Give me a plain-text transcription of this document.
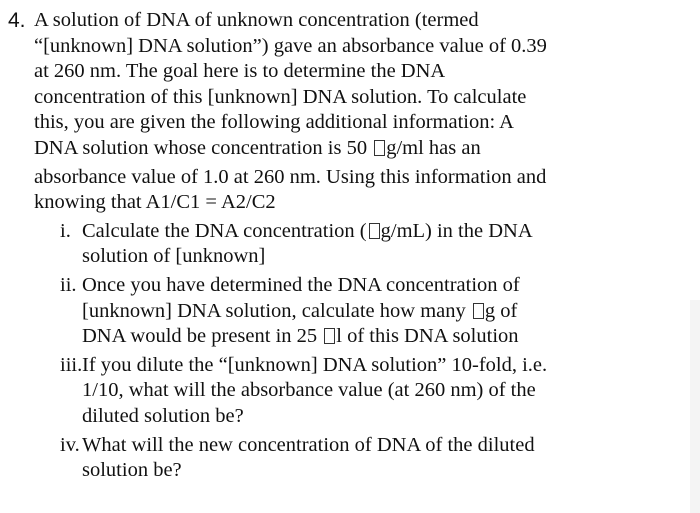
4. A solution of DNA of unknown concentration (termed
“[unknown] DNA solution”) gave an absorbance value of 0.39
at 260 nm. The goal here is to determine the DNA
concentration of this [unknown] DNA solution. To calculate
this, you are given the following additional information: A
DNA solution whose concentration is 50 g/ml has an
absorbance value of 1.0 at 260 nm. Using this information and
knowing that A1/C1 = A2/C2
i. Calculate the DNA concentration ( g/mL) in the DNA
solution of [unknown]
ii. Once you have determined the DNA concentration of
[unknown] DNA solution, calculate how many g of
DNA would be present in 25 l of this DNA solution
iii. If you dilute the “[unknown] DNA solution” 10-fold, i.e.
1/10, what will the absorbance value (at 260 nm) of the
diluted solution be?
iv. What will the new concentration of DNA of the diluted
solution be?
